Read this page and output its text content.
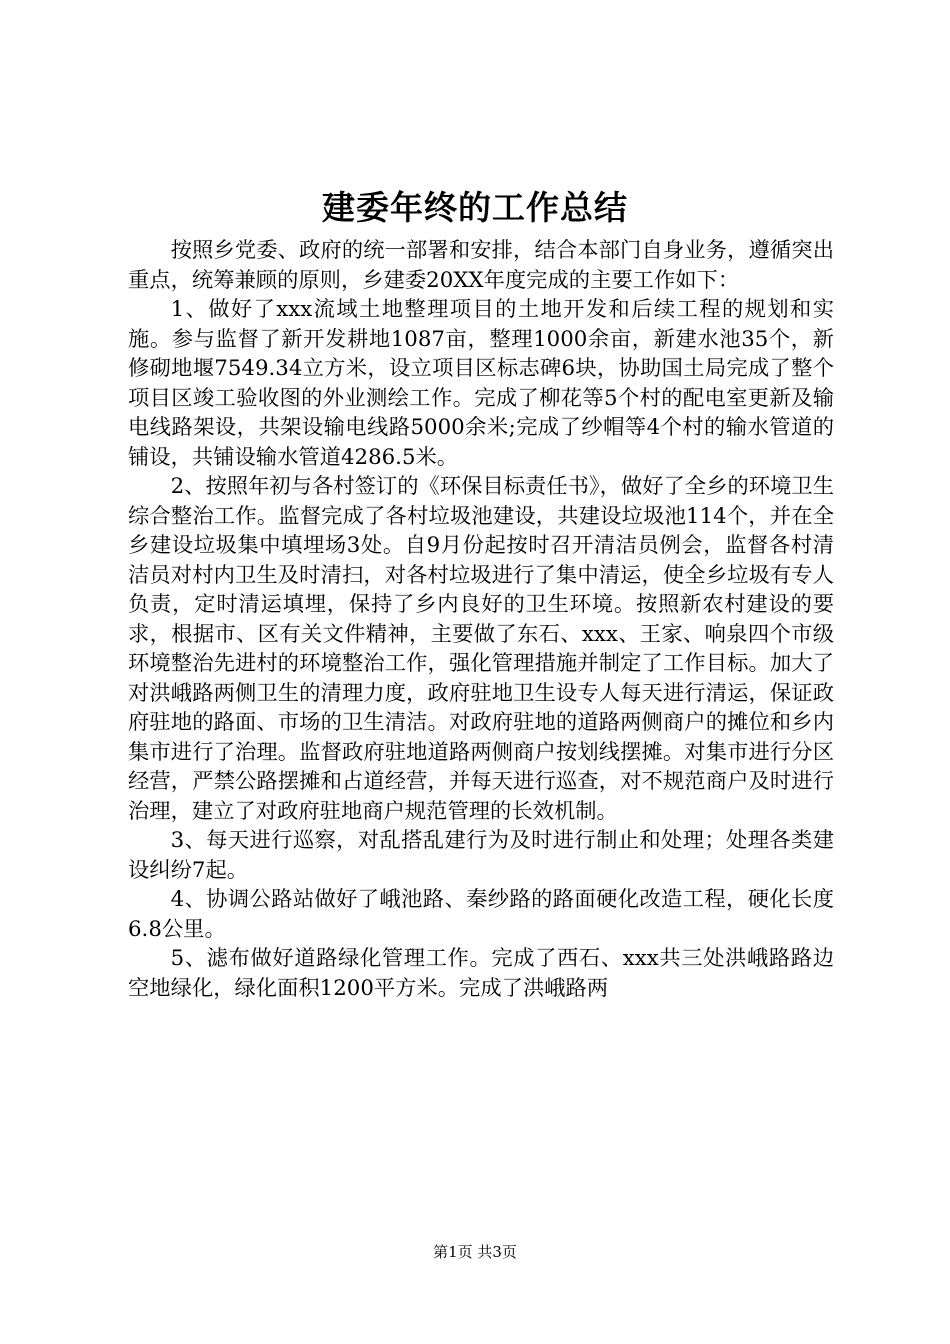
建委年终的工作总结

按照乡党委、政府的统一部署和安排，结合本部门自身业务，遵循突出重点，统筹兼顾的原则，乡建委20XX年度完成的主要工作如下：

1、做好了xxx流域土地整理项目的土地开发和后续工程的规划和实施。参与监督了新开发耕地1087亩，整理1000余亩，新建水池35个，新修砌地堰7549.34立方米，设立项目区标志碑6块，协助国土局完成了整个项目区竣工验收图的外业测绘工作。完成了柳花等5个村的配电室更新及输电线路架设，共架设输电线路5000余米;完成了纱帽等4个村的输水管道的铺设，共铺设输水管道4286.5米。

2、按照年初与各村签订的《环保目标责任书》，做好了全乡的环境卫生综合整治工作。监督完成了各村垃圾池建设，共建设垃圾池114个，并在全乡建设垃圾集中填埋场3处。自9月份起按时召开清洁员例会，监督各村清洁员对村内卫生及时清扫，对各村垃圾进行了集中清运，使全乡垃圾有专人负责，定时清运填埋，保持了乡内良好的卫生环境。按照新农村建设的要求，根据市、区有关文件精神，主要做了东石、xxx、王家、响泉四个市级环境整治先进村的环境整治工作，强化管理措施并制定了工作目标。加大了对洪峨路两侧卫生的清理力度，政府驻地卫生设专人每天进行清运，保证政府驻地的路面、市场的卫生清洁。对政府驻地的道路两侧商户的摊位和乡内集市进行了治理。监督政府驻地道路两侧商户按划线摆摊。对集市进行分区经营，严禁公路摆摊和占道经营，并每天进行巡查，对不规范商户及时进行治理，建立了对政府驻地商户规范管理的长效机制。

3、每天进行巡察，对乱搭乱建行为及时进行制止和处理；处理各类建设纠纷7起。

4、协调公路站做好了峨池路、秦纱路的路面硬化改造工程，硬化长度6.8公里。

5、滤布做好道路绿化管理工作。完成了西石、xxx共三处洪峨路路边空地绿化，绿化面积1200平方米。完成了洪峨路两

第1页 共3页
